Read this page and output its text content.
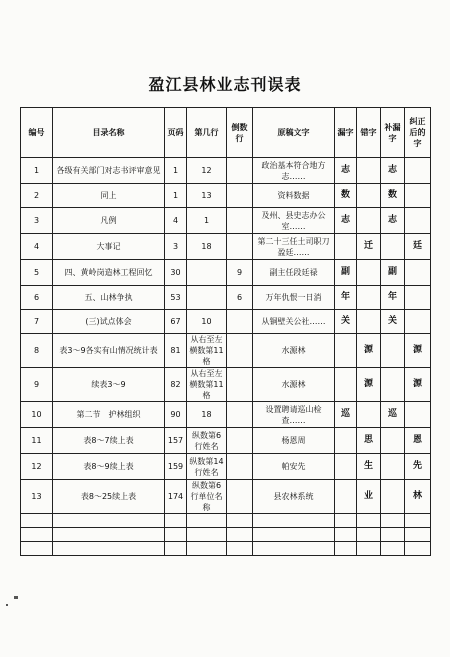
盈江县林业志刊误表
编号	目录名称	页码	第几行	倒数行	原稿文字	漏字	错字	补漏字	纠正后的字
1	各级有关部门对志书评审意见	1	12		政治基本符合地方志……	志		志	
2	同上	1	13		资料数据	数		数	
3	凡例	4	1		及州、县史志办公室……	志		志	
4	大事记	3	18		第二十三任土司职刀盈廷……		迁		廷
5	四、黄岭岗造林工程回忆	30		9	副主任段廷禄	副		副	
6	五、山林争执	53		6	万年仇恨一日消	年		年	
7	(三)试点体会	67	10		从铜壁关公社……	关		关	
8	表3～9各实有山情况统计表	81	从右至左横数第11格		水源林		源		源
9	续表3～9	82	从右至左横数第11格		水源林		源		源
10	第二节　护林组织	90	18		设置聘请巡山检查……	巡		巡	
11	表8～7续上表	157	纵数第6行姓名		杨恩周		思		恩
12	表8～9续上表	159	纵数第14行姓名		帕安先		生		先
13	表8～25续上表	174	纵数第6行单位名称		县农林系统		业		林
